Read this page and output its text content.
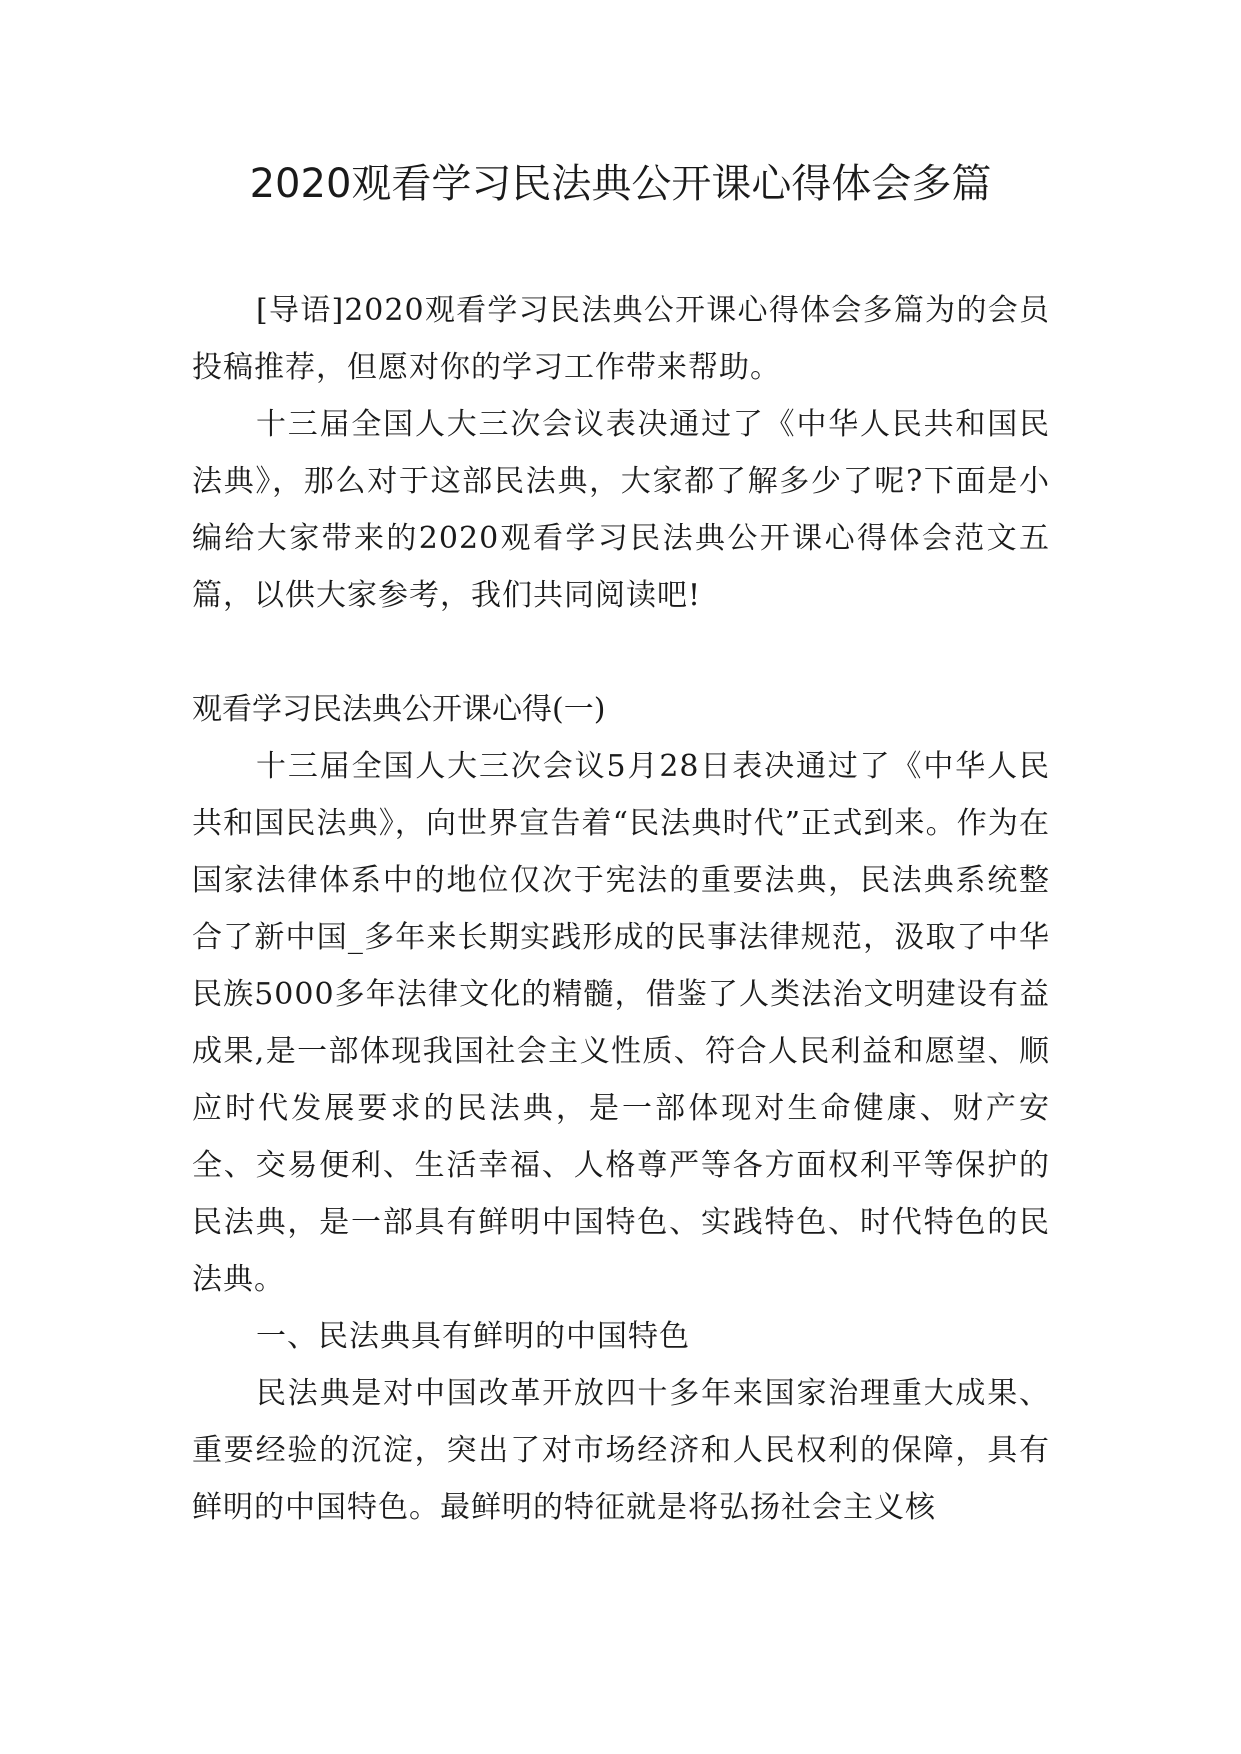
2020观看学习民法典公开课心得体会多篇

[导语]2020观看学习民法典公开课心得体会多篇为的会员投稿推荐，但愿对你的学习工作带来帮助。

十三届全国人大三次会议表决通过了《中华人民共和国民法典》，那么对于这部民法典，大家都了解多少了呢?下面是小编给大家带来的2020观看学习民法典公开课心得体会范文五篇，以供大家参考，我们共同阅读吧!

观看学习民法典公开课心得(一)

十三届全国人大三次会议5月28日表决通过了《中华人民共和国民法典》，向世界宣告着“民法典时代”正式到来。作为在国家法律体系中的地位仅次于宪法的重要法典，民法典系统整合了新中国_多年来长期实践形成的民事法律规范，汲取了中华民族5000多年法律文化的精髓，借鉴了人类法治文明建设有益成果,是一部体现我国社会主义性质、符合人民利益和愿望、顺应时代发展要求的民法典，是一部体现对生命健康、财产安全、交易便利、生活幸福、人格尊严等各方面权利平等保护的民法典，是一部具有鲜明中国特色、实践特色、时代特色的民法典。

一、民法典具有鲜明的中国特色

民法典是对中国改革开放四十多年来国家治理重大成果、重要经验的沉淀，突出了对市场经济和人民权利的保障，具有鲜明的中国特色。最鲜明的特征就是将弘扬社会主义核
